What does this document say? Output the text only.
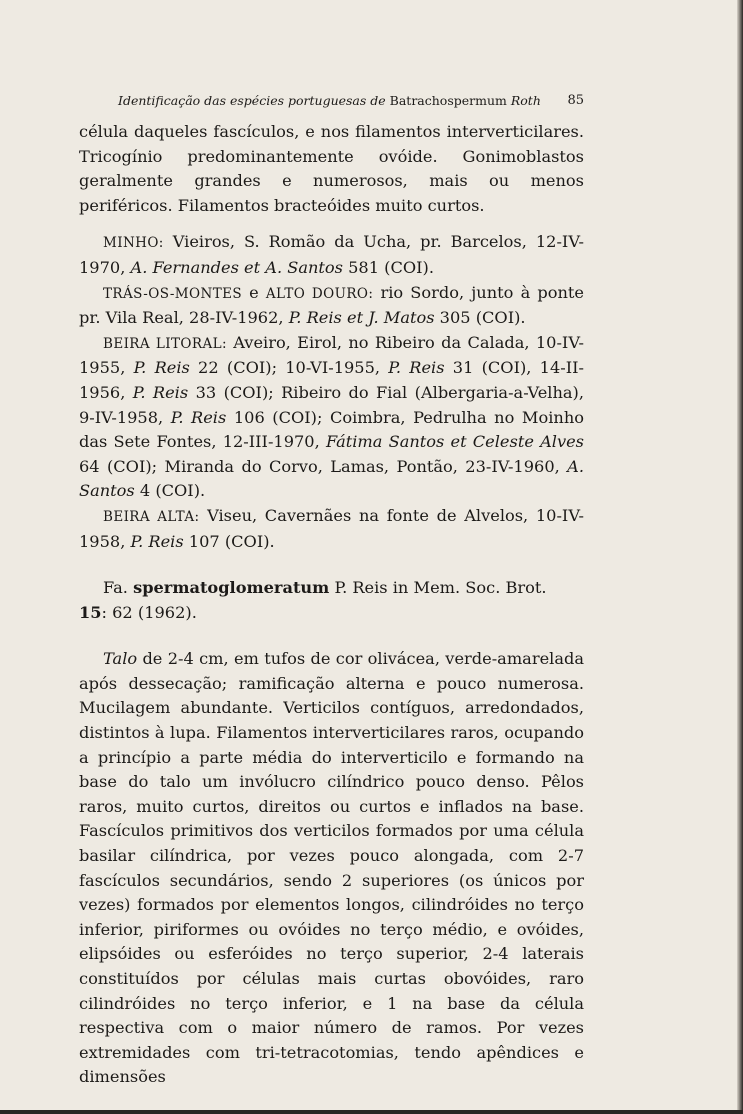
Identificação das espécies portuguesas de Batrachospermum Roth 85

célula daqueles fascículos, e nos filamentos interverticilares. Tricogínio predominantemente ovóide. Gonimoblastos geralmente grandes e numerosos, mais ou menos periféricos. Filamentos bracteóides muito curtos.

MINHO: Vieiros, S. Romão da Ucha, pr. Barcelos, 12-IV-1970, A. Fernandes et A. Santos 581 (COI).

TRÁS-OS-MONTES e ALTO DOURO: rio Sordo, junto à ponte pr. Vila Real, 28-IV-1962, P. Reis et J. Matos 305 (COI).

BEIRA LITORAL: Aveiro, Eirol, no Ribeiro da Calada, 10-IV-1955, P. Reis 22 (COI); 10-VI-1955, P. Reis 31 (COI), 14-II-1956, P. Reis 33 (COI); Ribeiro do Fial (Albergaria-a-Velha), 9-IV-1958, P. Reis 106 (COI); Coimbra, Pedrulha no Moinho das Sete Fontes, 12-III-1970, Fátima Santos et Celeste Alves 64 (COI); Miranda do Corvo, Lamas, Pontão, 23-IV-1960, A. Santos 4 (COI).

BEIRA ALTA: Viseu, Cavernães na fonte de Alvelos, 10-IV-1958, P. Reis 107 (COI).

Fa. spermatoglomeratum P. Reis in Mem. Soc. Brot.
15: 62 (1962).

Talo de 2-4 cm, em tufos de cor olivácea, verde-amarelada após dessecação; ramificação alterna e pouco numerosa. Mucilagem abundante. Verticilos contíguos, arredondados, distintos à lupa. Filamentos interverticilares raros, ocupando a princípio a parte média do interverticilo e formando na base do talo um invólucro cilíndrico pouco denso. Pêlos raros, muito curtos, direitos ou curtos e inflados na base. Fascículos primitivos dos verticilos formados por uma célula basilar cilíndrica, por vezes pouco alongada, com 2-7 fascículos secundários, sendo 2 superiores (os únicos por vezes) formados por elementos longos, cilindróides no terço inferior, piriformes ou ovóides no terço médio, e ovóides, elipsóides ou esferóides no terço superior, 2-4 laterais constituídos por células mais curtas obovóides, raro cilindróides no terço inferior, e 1 na base da célula respectiva com o maior número de ramos. Por vezes extremidades com tri-tetracotomias, tendo apêndices e dimensões
